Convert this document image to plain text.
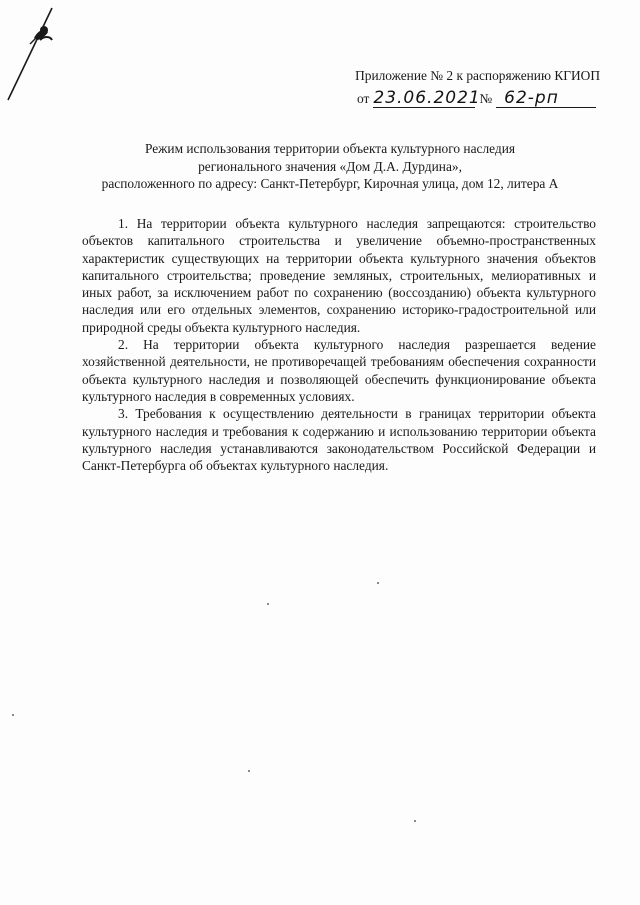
Приложение № 2 к распоряжению КГИОП
от 23.06.2021№ 62-рп
Режим использования территории объекта культурного наследия
регионального значения «Дом Д.А. Дурдина»,
расположенного по адресу: Санкт-Петербург, Кирочная улица, дом 12, литера А

1. На территории объекта культурного наследия запрещаются: строительство объектов капитального строительства и увеличение объемно-пространственных характеристик существующих на территории объекта культурного значения объектов капитального строительства; проведение земляных, строительных, мелиоративных и иных работ, за исключением работ по сохранению (воссозданию) объекта культурного наследия или его отдельных элементов, сохранению историко-градостроительной или природной среды объекта культурного наследия.

2. На территории объекта культурного наследия разрешается ведение хозяйственной деятельности, не противоречащей требованиям обеспечения сохранности объекта культурного наследия и позволяющей обеспечить функционирование объекта культурного наследия в современных условиях.

3. Требования к осуществлению деятельности в границах территории объекта культурного наследия и требования к содержанию и использованию территории объекта культурного наследия устанавливаются законодательством Российской Федерации и Санкт-Петербурга об объектах культурного наследия.
